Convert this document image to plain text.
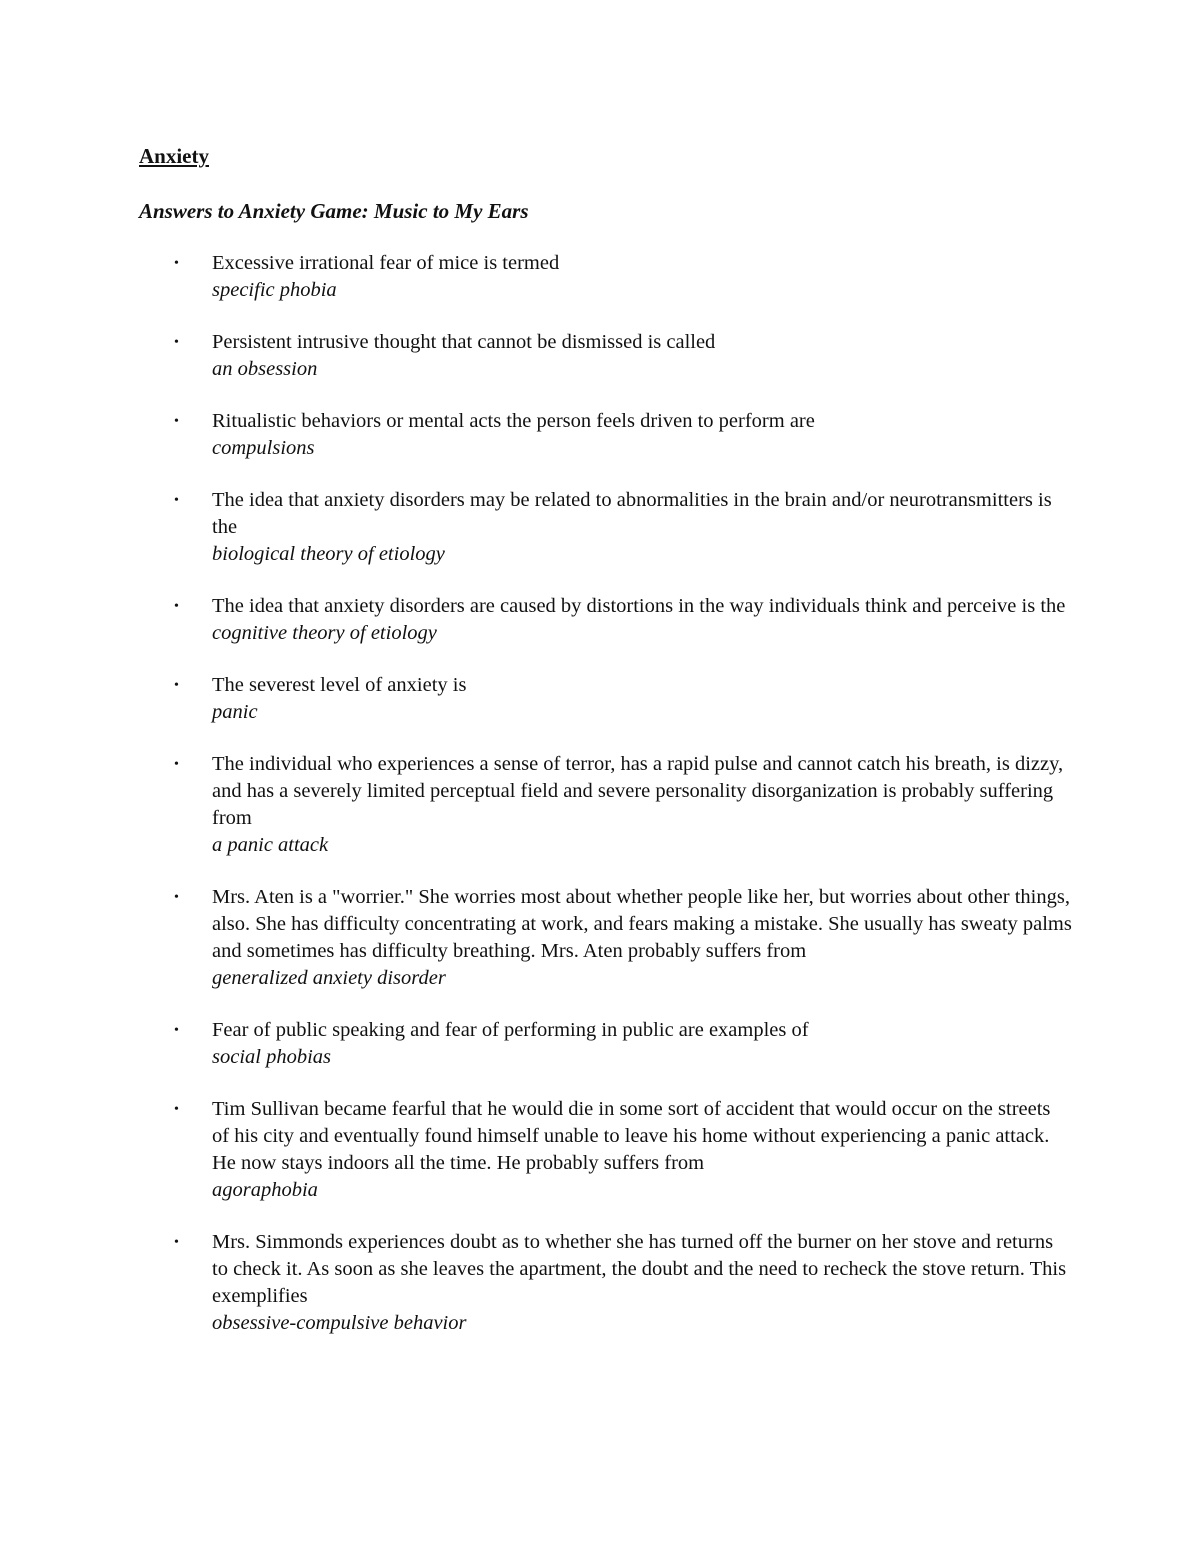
Anxiety
Answers to Anxiety Game: Music to My Ears
• Excessive irrational fear of mice is termed
specific phobia
• Persistent intrusive thought that cannot be dismissed is called
an obsession
• Ritualistic behaviors or mental acts the person feels driven to perform are
compulsions
• The idea that anxiety disorders may be related to abnormalities in the brain and/or neurotransmitters is the
biological theory of etiology
• The idea that anxiety disorders are caused by distortions in the way individuals think and perceive is the
cognitive theory of etiology
• The severest level of anxiety is
panic
• The individual who experiences a sense of terror, has a rapid pulse and cannot catch his breath, is dizzy, and has a severely limited perceptual field and severe personality disorganization is probably suffering from
a panic attack
• Mrs. Aten is a "worrier." She worries most about whether people like her, but worries about other things, also. She has difficulty concentrating at work, and fears making a mistake. She usually has sweaty palms and sometimes has difficulty breathing. Mrs. Aten probably suffers from
generalized anxiety disorder
• Fear of public speaking and fear of performing in public are examples of
social phobias
• Tim Sullivan became fearful that he would die in some sort of accident that would occur on the streets of his city and eventually found himself unable to leave his home without experiencing a panic attack. He now stays indoors all the time. He probably suffers from
agoraphobia
• Mrs. Simmonds experiences doubt as to whether she has turned off the burner on her stove and returns to check it. As soon as she leaves the apartment, the doubt and the need to recheck the stove return. This exemplifies
obsessive-compulsive behavior
